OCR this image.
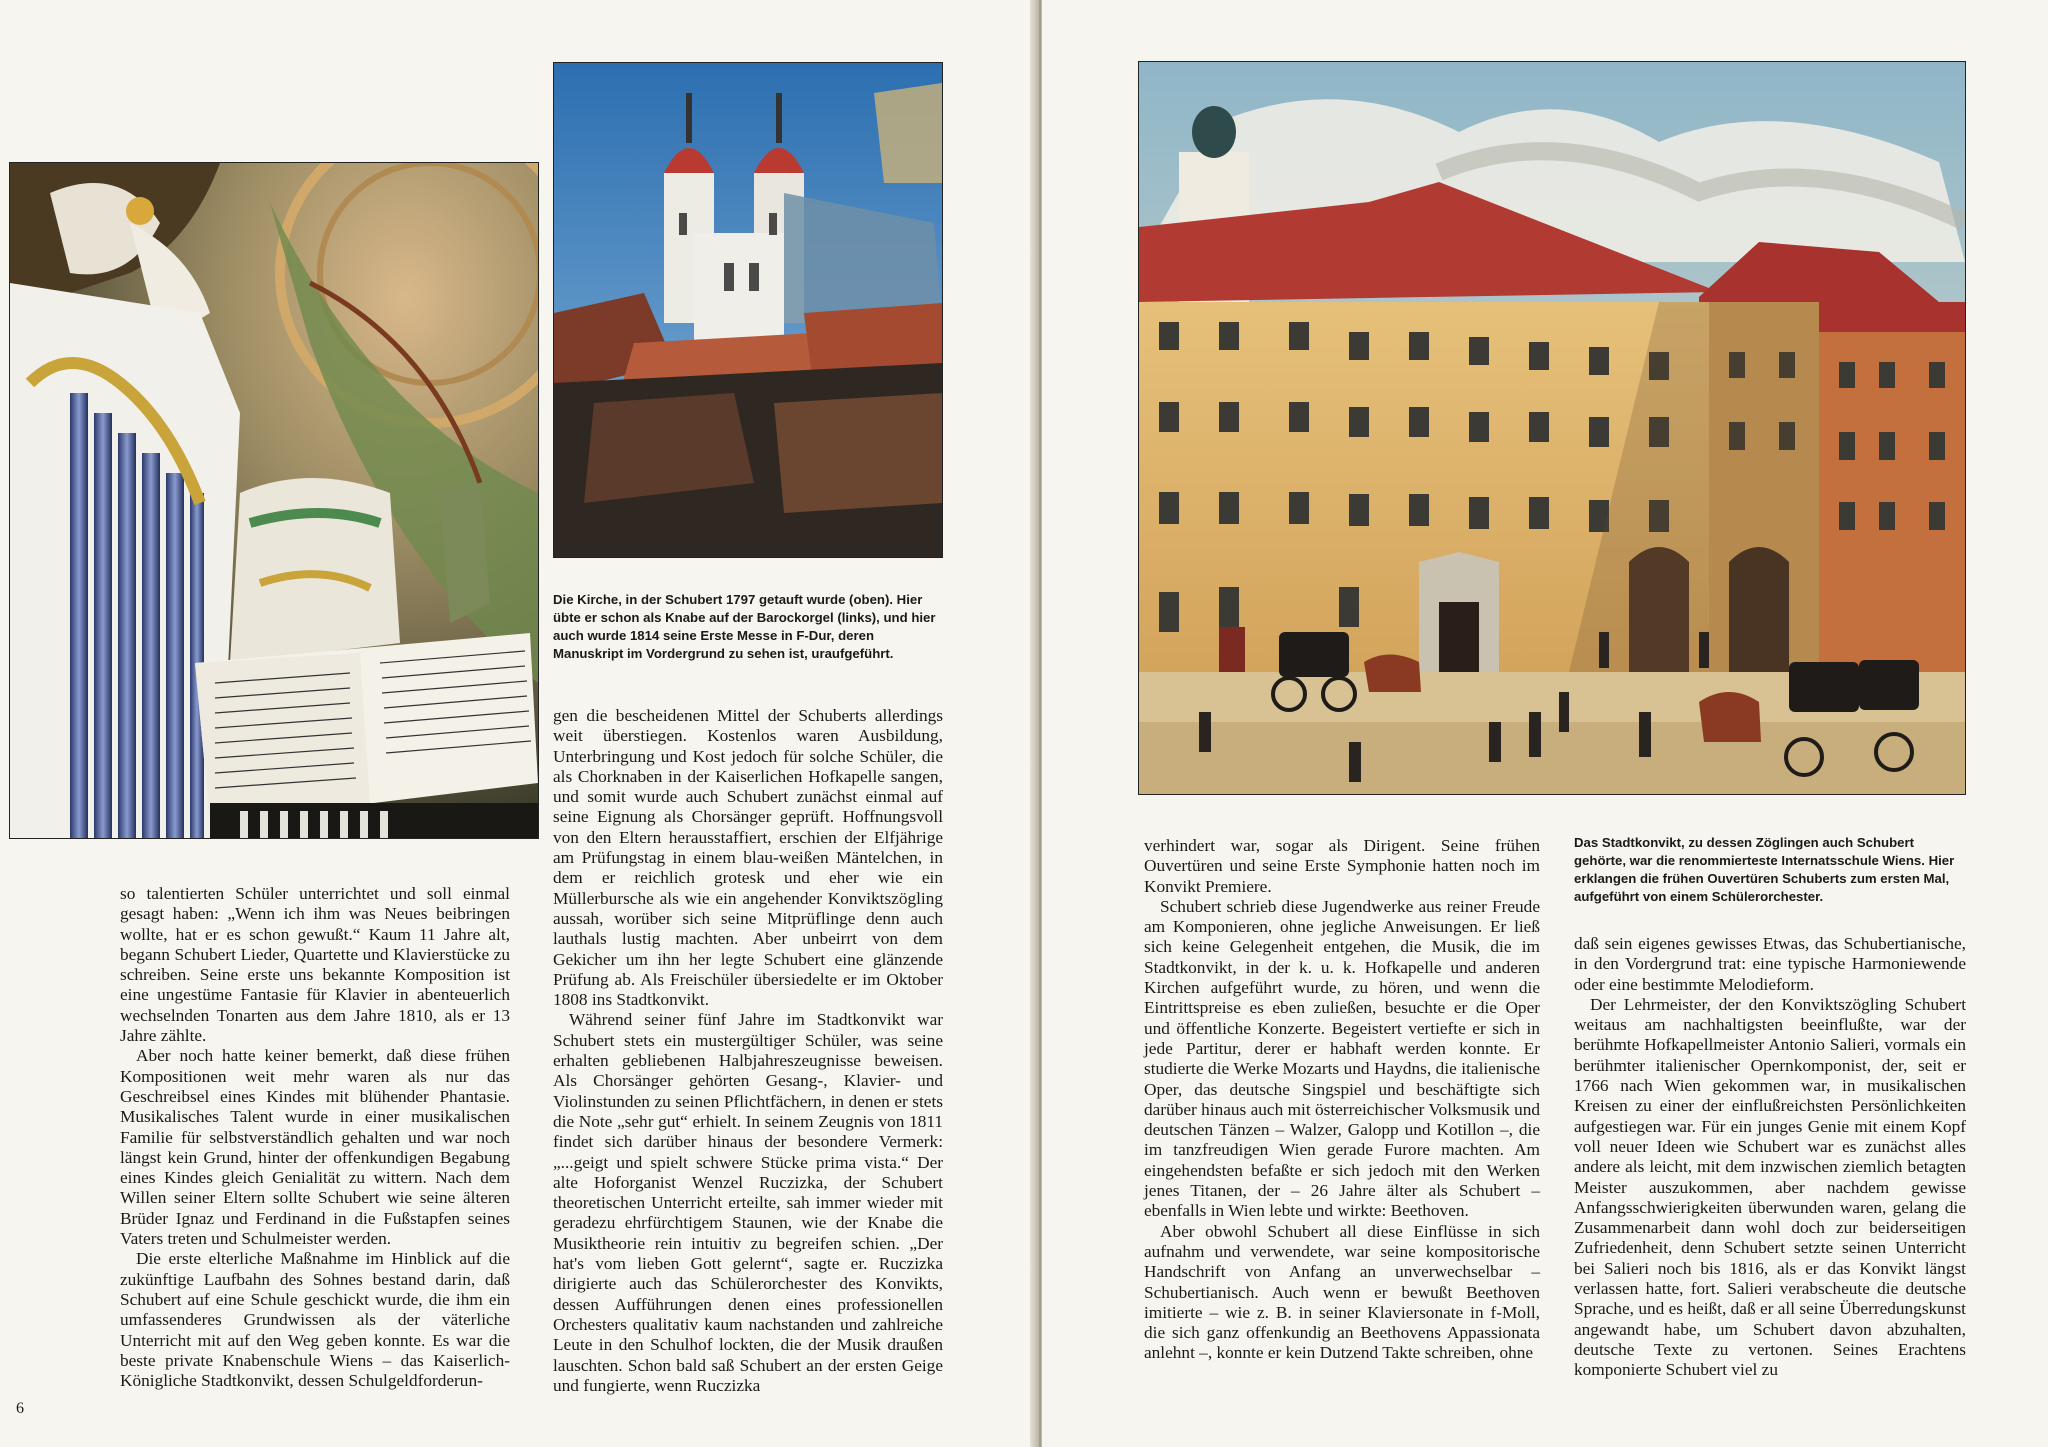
Die Kirche, in der Schubert 1797 getauft wurde (oben). Hier übte er schon als Knabe auf der Barockorgel (links), und hier auch wurde 1814 seine Erste Messe in F-Dur, deren Manuskript im Vordergrund zu sehen ist, uraufgeführt.

so talentierten Schüler unterrichtet und soll einmal gesagt haben: „Wenn ich ihm was Neues beibringen wollte, hat er es schon gewußt.“ Kaum 11 Jahre alt, begann Schubert Lieder, Quartette und Klavierstücke zu schreiben. Seine erste uns bekannte Komposition ist eine ungestüme Fantasie für Klavier in abenteuerlich wechselnden Tonarten aus dem Jahre 1810, als er 13 Jahre zählte.

Aber noch hatte keiner bemerkt, daß diese frühen Kompositionen weit mehr waren als nur das Geschreibsel eines Kindes mit blühender Phantasie. Musikalisches Talent wurde in einer musikalischen Familie für selbstverständlich gehalten und war noch längst kein Grund, hinter der offenkundigen Begabung eines Kindes gleich Genialität zu wittern. Nach dem Willen seiner Eltern sollte Schubert wie seine älteren Brüder Ignaz und Ferdinand in die Fußstapfen seines Vaters treten und Schulmeister werden.

Die erste elterliche Maßnahme im Hinblick auf die zukünftige Laufbahn des Sohnes bestand darin, daß Schubert auf eine Schule geschickt wurde, die ihm ein umfassenderes Grundwissen als der väterliche Unterricht mit auf den Weg geben konnte. Es war die beste private Knabenschule Wiens – das Kaiserlich-Königliche Stadtkonvikt, dessen Schulgeldforderun-

gen die bescheidenen Mittel der Schuberts allerdings weit überstiegen. Kostenlos waren Ausbildung, Unterbringung und Kost jedoch für solche Schüler, die als Chorknaben in der Kaiserlichen Hofkapelle sangen, und somit wurde auch Schubert zunächst einmal auf seine Eignung als Chorsänger geprüft. Hoffnungsvoll von den Eltern herausstaffiert, erschien der Elfjährige am Prüfungstag in einem blau-weißen Mäntelchen, in dem er reichlich grotesk und eher wie ein Müllerbursche als wie ein angehender Konviktszögling aussah, worüber sich seine Mitprüflinge denn auch lauthals lustig machten. Aber unbeirrt von dem Gekicher um ihn her legte Schubert eine glänzende Prüfung ab. Als Freischüler übersiedelte er im Oktober 1808 ins Stadtkonvikt.

Während seiner fünf Jahre im Stadtkonvikt war Schubert stets ein mustergültiger Schüler, was seine erhalten gebliebenen Halbjahreszeugnisse beweisen. Als Chorsänger gehörten Gesang-, Klavier- und Violinstunden zu seinen Pflichtfächern, in denen er stets die Note „sehr gut“ erhielt. In seinem Zeugnis von 1811 findet sich darüber hinaus der besondere Vermerk: „...geigt und spielt schwere Stücke prima vista.“ Der alte Hoforganist Wenzel Ruczizka, der Schubert theoretischen Unterricht erteilte, sah immer wieder mit geradezu ehrfürchtigem Staunen, wie der Knabe die Musiktheorie rein intuitiv zu begreifen schien. „Der hat's vom lieben Gott gelernt“, sagte er. Ruczizka dirigierte auch das Schülerorchester des Konvikts, dessen Aufführungen denen eines professionellen Orchesters qualitativ kaum nachstanden und zahlreiche Leute in den Schulhof lockten, die der Musik draußen lauschten. Schon bald saß Schubert an der ersten Geige und fungierte, wenn Ruczizka

6
Das Stadtkonvikt, zu dessen Zöglingen auch Schubert gehörte, war die renommierteste Internatsschule Wiens. Hier erklangen die frühen Ouvertüren Schuberts zum ersten Mal, aufgeführt von einem Schülerorchester.

verhindert war, sogar als Dirigent. Seine frühen Ouvertüren und seine Erste Symphonie hatten noch im Konvikt Premiere.

Schubert schrieb diese Jugendwerke aus reiner Freude am Komponieren, ohne jegliche Anweisungen. Er ließ sich keine Gelegenheit entgehen, die Musik, die im Stadtkonvikt, in der k. u. k. Hofkapelle und anderen Kirchen aufgeführt wurde, zu hören, und wenn die Eintrittspreise es eben zuließen, besuchte er die Oper und öffentliche Konzerte. Begeistert vertiefte er sich in jede Partitur, derer er habhaft werden konnte. Er studierte die Werke Mozarts und Haydns, die italienische Oper, das deutsche Singspiel und beschäftigte sich darüber hinaus auch mit österreichischer Volksmusik und deutschen Tänzen – Walzer, Galopp und Kotillon –, die im tanzfreudigen Wien gerade Furore machten. Am eingehendsten befaßte er sich jedoch mit den Werken jenes Titanen, der – 26 Jahre älter als Schubert – ebenfalls in Wien lebte und wirkte: Beethoven.

Aber obwohl Schubert all diese Einflüsse in sich aufnahm und verwendete, war seine kompositorische Handschrift von Anfang an unverwechselbar – Schubertianisch. Auch wenn er bewußt Beethoven imitierte – wie z. B. in seiner Klaviersonate in f-Moll, die sich ganz offenkundig an Beethovens Appassionata anlehnt –, konnte er kein Dutzend Takte schreiben, ohne

daß sein eigenes gewisses Etwas, das Schubertianische, in den Vordergrund trat: eine typische Harmoniewende oder eine bestimmte Melodieform.

Der Lehrmeister, der den Konviktszögling Schubert weitaus am nachhaltigsten beeinflußte, war der berühmte Hofkapellmeister Antonio Salieri, vormals ein berühmter italienischer Opernkomponist, der, seit er 1766 nach Wien gekommen war, in musikalischen Kreisen zu einer der einflußreichsten Persönlichkeiten aufgestiegen war. Für ein junges Genie mit einem Kopf voll neuer Ideen wie Schubert war es zunächst alles andere als leicht, mit dem inzwischen ziemlich betagten Meister auszukommen, aber nachdem gewisse Anfangsschwierigkeiten überwunden waren, gelang die Zusammenarbeit dann wohl doch zur beiderseitigen Zufriedenheit, denn Schubert setzte seinen Unterricht bei Salieri noch bis 1816, als er das Konvikt längst verlassen hatte, fort. Salieri verabscheute die deutsche Sprache, und es heißt, daß er all seine Überredungskunst angewandt habe, um Schubert davon abzuhalten, deutsche Texte zu vertonen. Seines Erachtens komponierte Schubert viel zu
